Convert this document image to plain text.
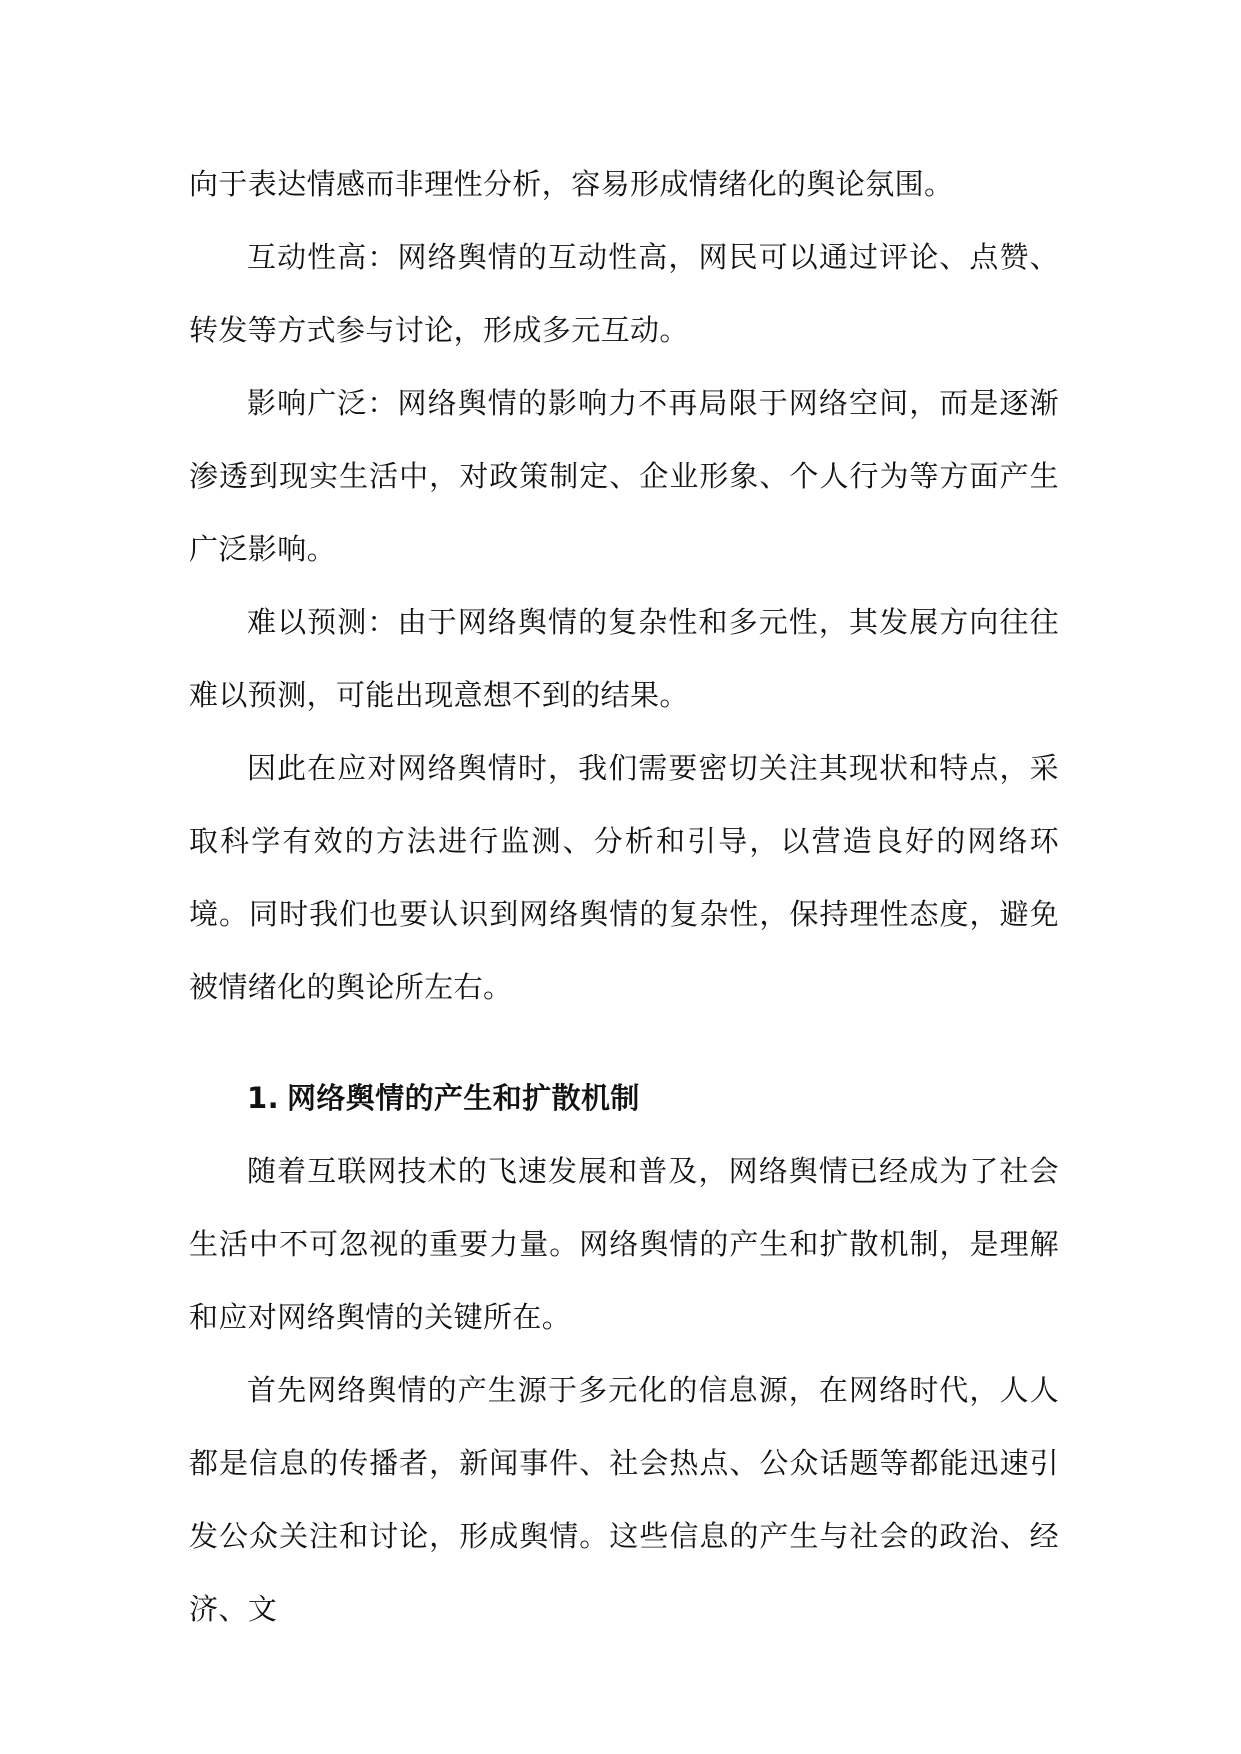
向于表达情感而非理性分析，容易形成情绪化的舆论氛围。

互动性高：网络舆情的互动性高，网民可以通过评论、点赞、转发等方式参与讨论，形成多元互动。

影响广泛：网络舆情的影响力不再局限于网络空间，而是逐渐渗透到现实生活中，对政策制定、企业形象、个人行为等方面产生广泛影响。

难以预测：由于网络舆情的复杂性和多元性，其发展方向往往难以预测，可能出现意想不到的结果。

因此在应对网络舆情时，我们需要密切关注其现状和特点，采取科学有效的方法进行监测、分析和引导，以营造良好的网络环境。同时我们也要认识到网络舆情的复杂性，保持理性态度，避免被情绪化的舆论所左右。

1. 网络舆情的产生和扩散机制

随着互联网技术的飞速发展和普及，网络舆情已经成为了社会生活中不可忽视的重要力量。网络舆情的产生和扩散机制，是理解和应对网络舆情的关键所在。

首先网络舆情的产生源于多元化的信息源，在网络时代，人人都是信息的传播者，新闻事件、社会热点、公众话题等都能迅速引发公众关注和讨论，形成舆情。这些信息的产生与社会的政治、经济、文
